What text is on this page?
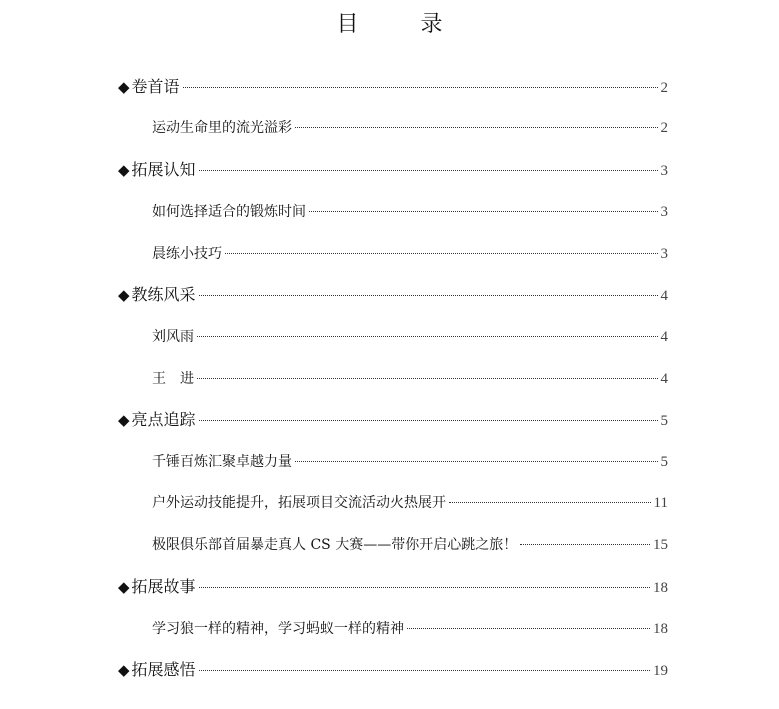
目　录
◆ 卷首语	2
运动生命里的流光溢彩	2
◆ 拓展认知	3
如何选择适合的锻炼时间	3
晨练小技巧	3
◆ 教练风采	4
刘风雨	4
王　进	4
◆ 亮点追踪	5
千锤百炼汇聚卓越力量	5
户外运动技能提升，拓展项目交流活动火热展开	11
极限俱乐部首届暴走真人 CS 大赛——带你开启心跳之旅！	15
◆ 拓展故事	18
学习狼一样的精神，学习蚂蚁一样的精神	18
◆ 拓展感悟	19
